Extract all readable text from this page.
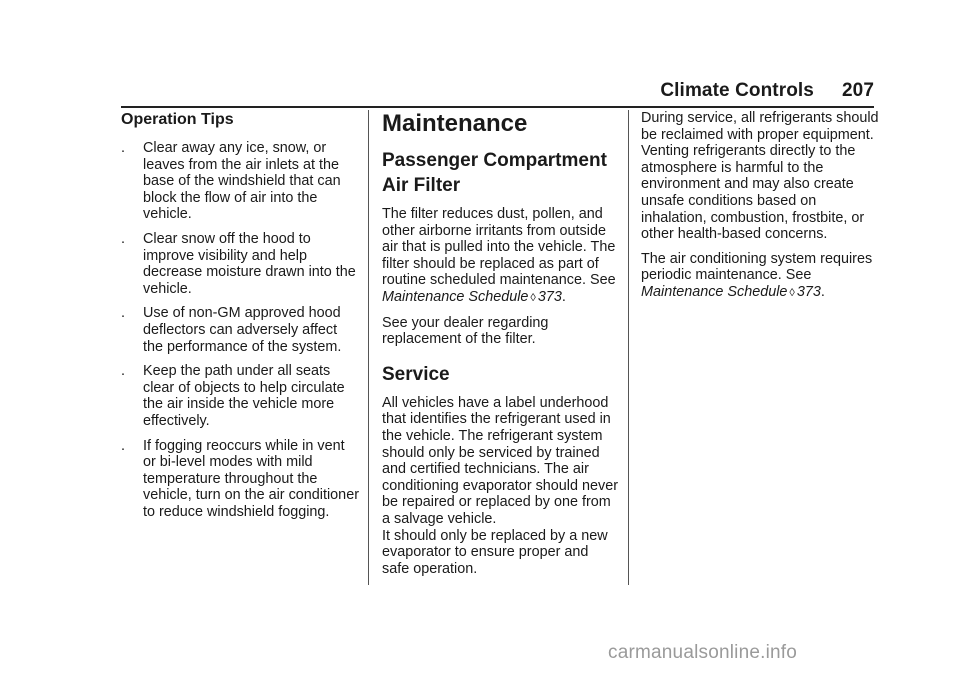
Climate Controls 207
Operation Tips
. Clear away any ice, snow, or leaves from the air inlets at the base of the windshield that can block the flow of air into the vehicle.
. Clear snow off the hood to improve visibility and help decrease moisture drawn into the vehicle.
. Use of non-GM approved hood deflectors can adversely affect the performance of the system.
. Keep the path under all seats clear of objects to help circulate the air inside the vehicle more effectively.
. If fogging reoccurs while in vent or bi-level modes with mild temperature throughout the vehicle, turn on the air conditioner to reduce windshield fogging.
Maintenance
Passenger Compartment Air Filter

The filter reduces dust, pollen, and other airborne irritants from outside air that is pulled into the vehicle. The filter should be replaced as part of routine scheduled maintenance. See Maintenance Schedule ◊ 373.

See your dealer regarding replacement of the filter.

Service

All vehicles have a label underhood that identifies the refrigerant used in the vehicle. The refrigerant system should only be serviced by trained and certified technicians. The air conditioning evaporator should never be repaired or replaced by one from a salvage vehicle.

It should only be replaced by a new evaporator to ensure proper and safe operation.

During service, all refrigerants should be reclaimed with proper equipment. Venting refrigerants directly to the atmosphere is harmful to the environment and may also create unsafe conditions based on inhalation, combustion, frostbite, or other health-based concerns.

The air conditioning system requires periodic maintenance. See Maintenance Schedule ◊ 373.

carmanualsonline.info
